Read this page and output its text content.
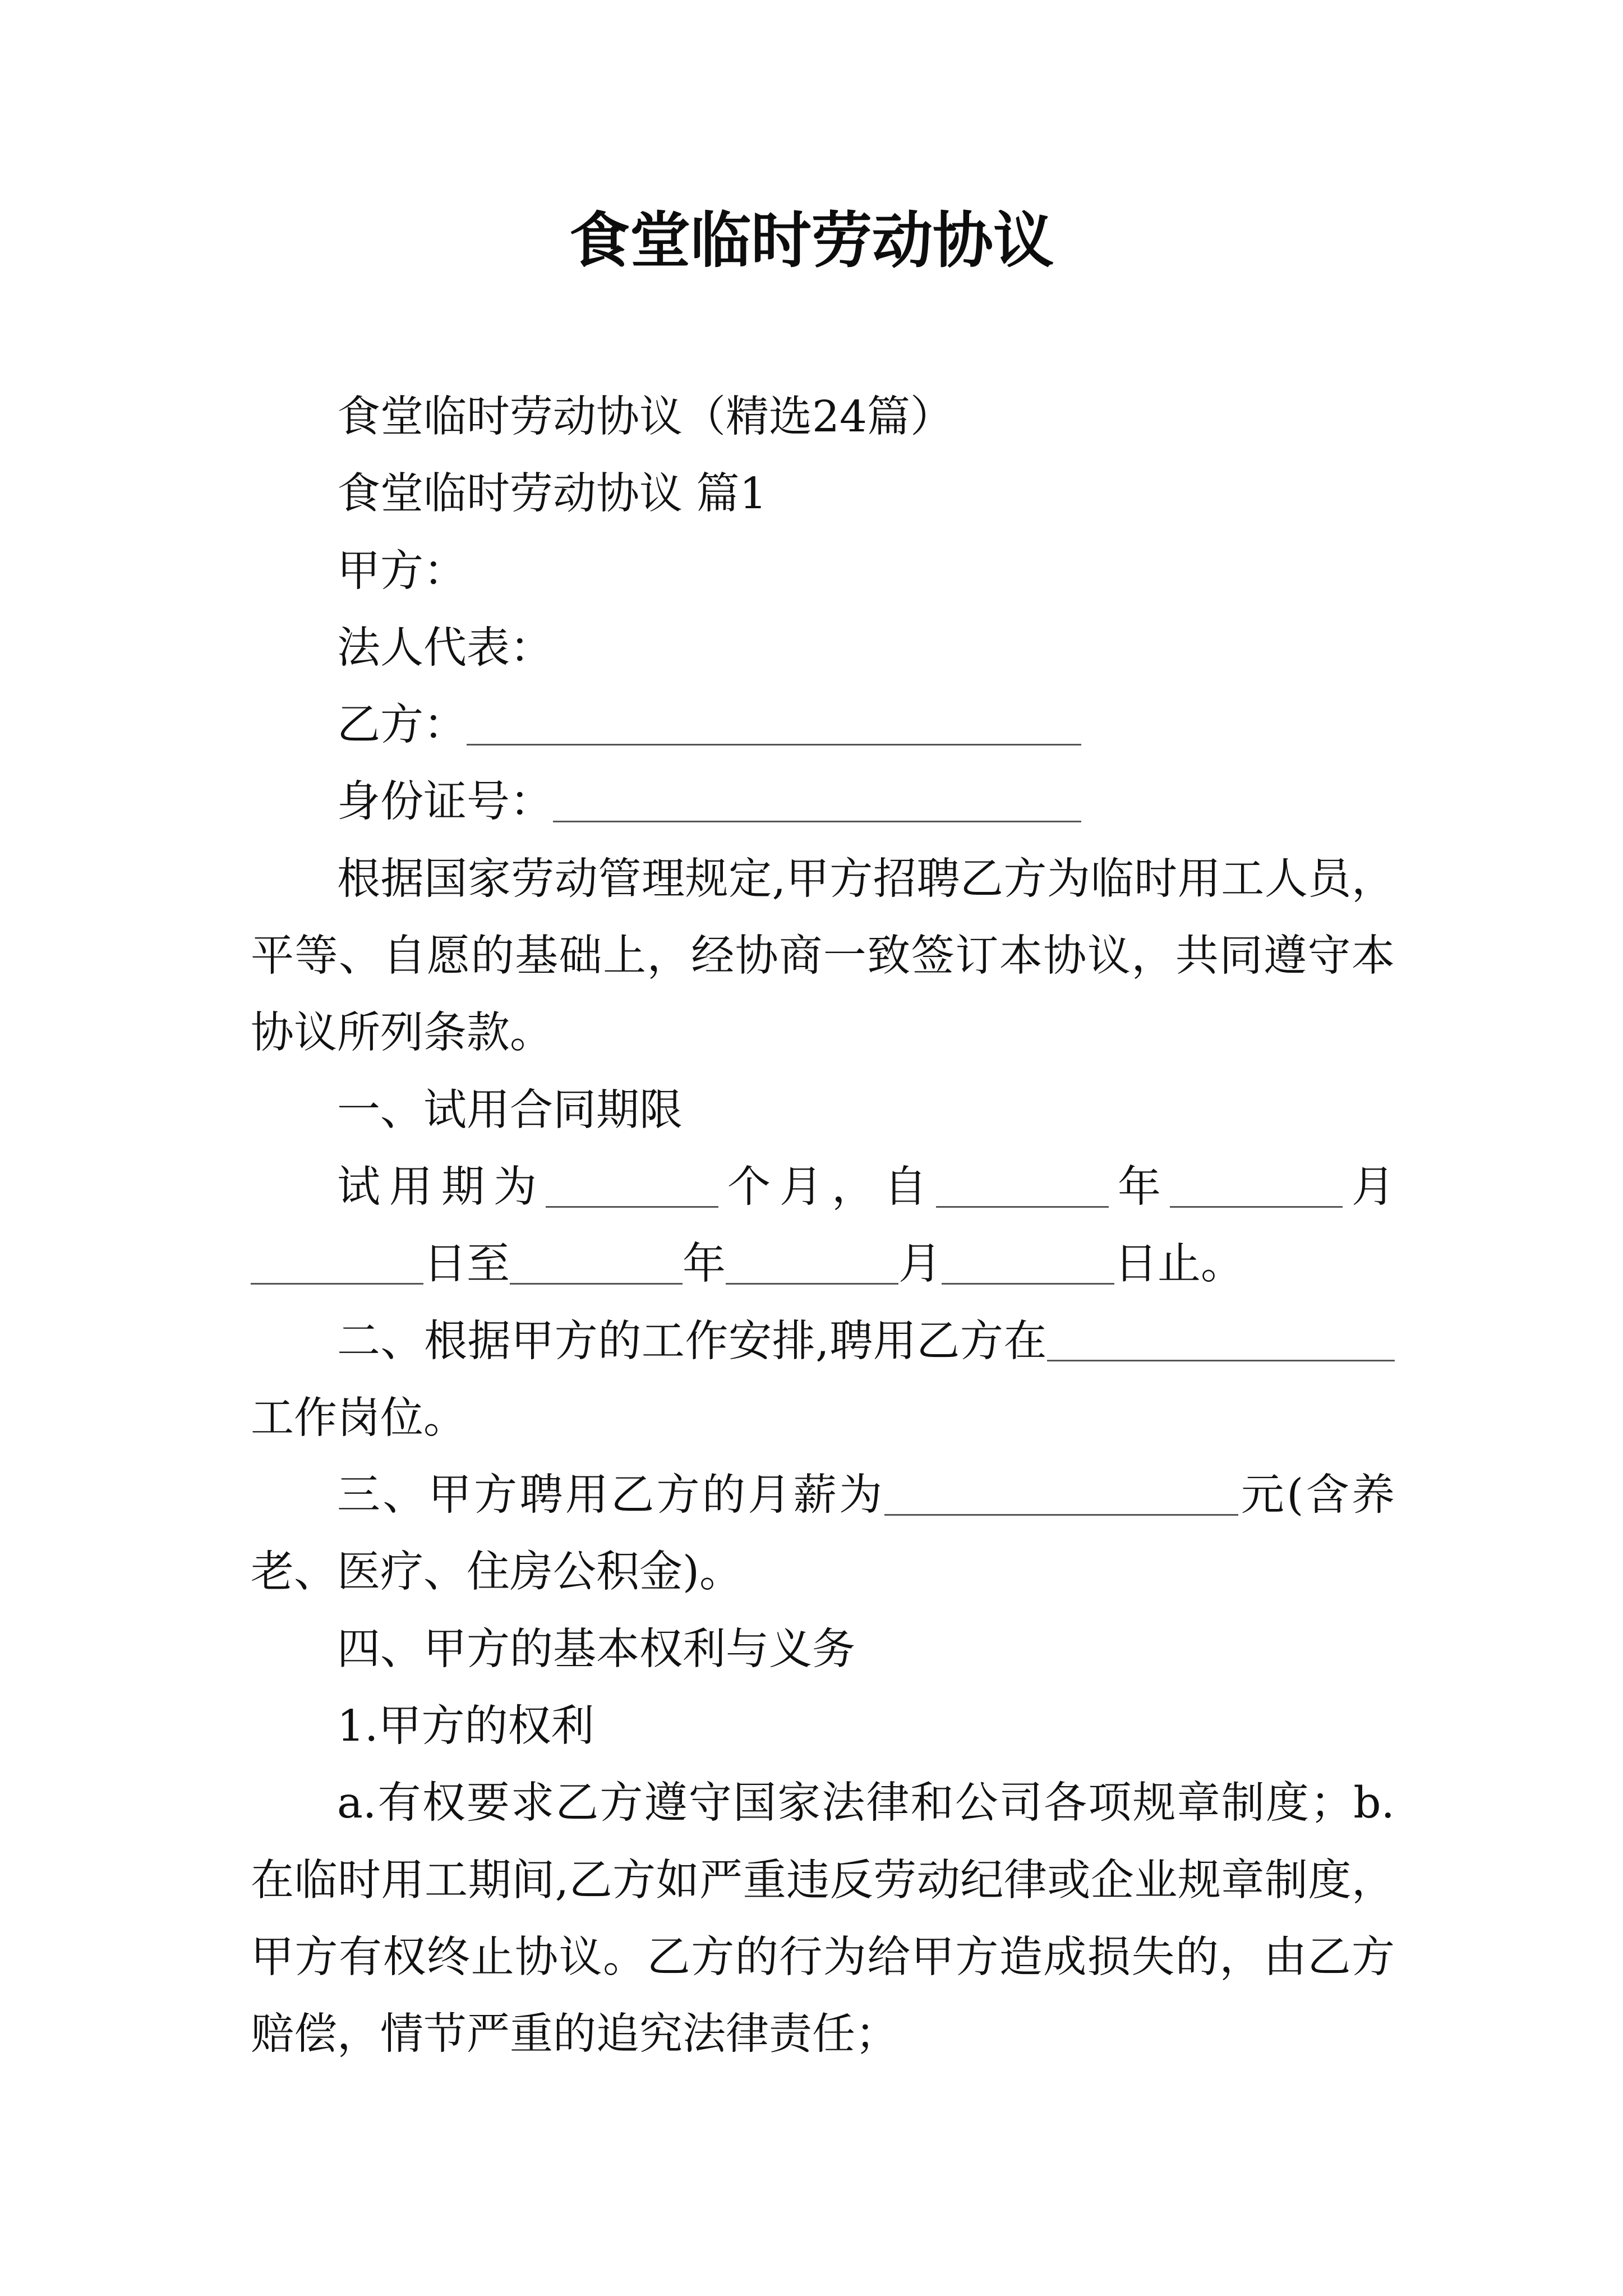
食堂临时劳动协议
食堂临时劳动协议（精选24篇）
食堂临时劳动协议 篇1
甲方：
法人代表：
乙方：
身份证号：
根据国家劳动管理规定,甲方招聘乙方为临时用工人员，
平等、自愿的基础上，经协商一致签订本协议，共同遵守本
协议所列条款。
一、试用合同期限
试用期为	个月，自	年	月
日至	年	月	日止。
二、根据甲方的工作安排,聘用乙方在
工作岗位。
三、甲方聘用乙方的月薪为	元(含养
老、医疗、住房公积金)。
四、甲方的基本权利与义务
1.甲方的权利
a.有权要求乙方遵守国家法律和公司各项规章制度；b.
在临时用工期间,乙方如严重违反劳动纪律或企业规章制度，
甲方有权终止协议。乙方的行为给甲方造成损失的，由乙方
赔偿，情节严重的追究法律责任；
